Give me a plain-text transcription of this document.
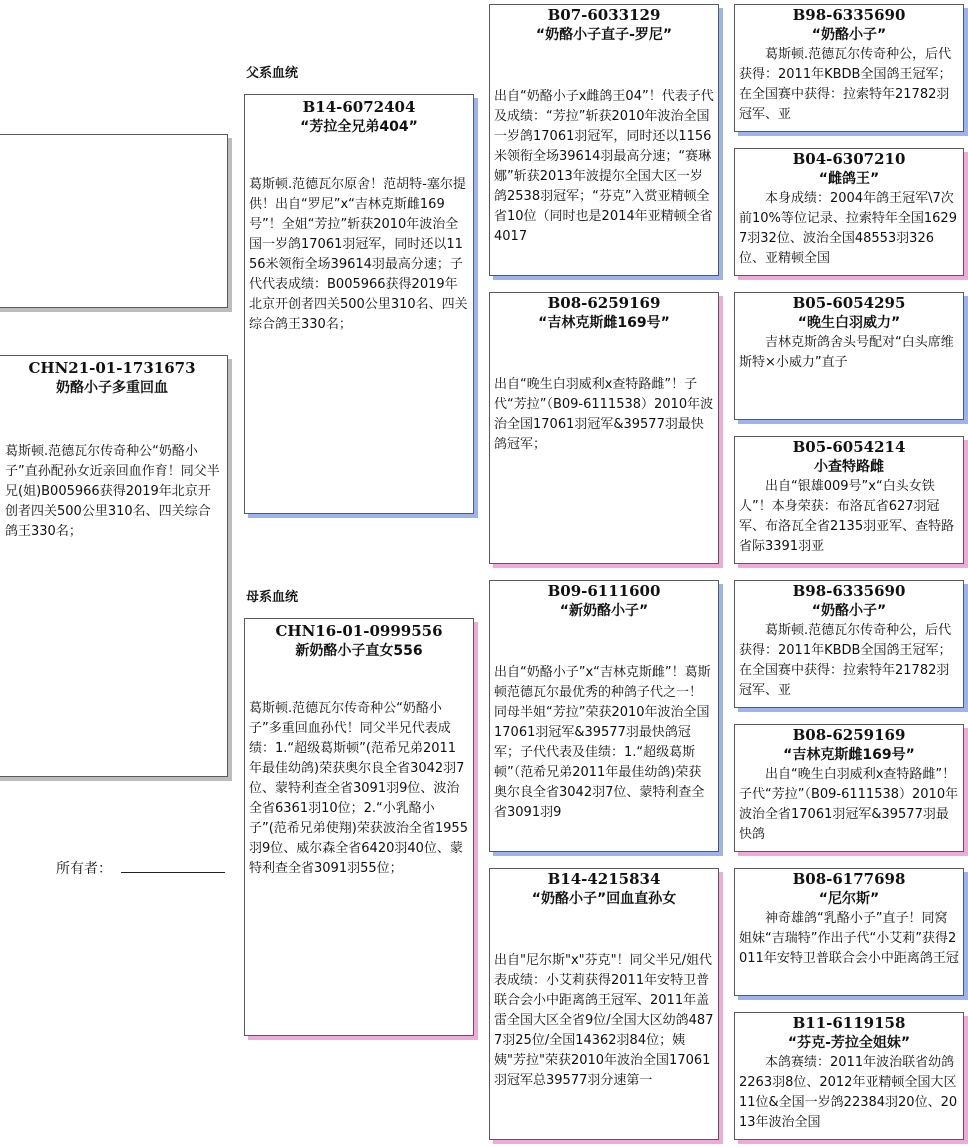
CHN21-01-1731673
奶酪小子多重回血
葛斯顿.范德瓦尔传奇种公“奶酪小子”直孙配孙女近亲回血作育！同父半兄(姐)B005966获得2019年北京开创者四关500公里310名、四关综合鸽王330名；
所有者：
父系血统
母系血统
B14-6072404
“芳拉全兄弟404”
葛斯顿.范德瓦尔原舍！范胡特-塞尔提供！出自“罗尼”x“吉林克斯雌169号”！全姐“芳拉”斩获2010年波治全国一岁鸽17061羽冠军，同时还以1156米领衔全场39614羽最高分速；子代代表成绩：B005966获得2019年北京开创者四关500公里310名、四关综合鸽王330名；
CHN16-01-0999556
新奶酪小子直女556
葛斯顿.范德瓦尔传奇种公“奶酪小子”多重回血孙代！同父半兄代表成绩：1.“超级葛斯顿”(范希兄弟2011年最佳幼鸽)荣获奥尔良全省3042羽7位、蒙特利查全省3091羽9位、波治全省6361羽10位；2.“小乳酪小子”(范希兄弟使翔)荣获波治全省1955羽9位、威尔森全省6420羽40位、蒙特利查全省3091羽55位；
B07-6033129
“奶酪小子直子-罗尼”
出自“奶酪小子x雌鸽王04”！代表子代及成绩：“芳拉”斩获2010年波治全国一岁鸽17061羽冠军，同时还以1156米领衔全场39614羽最高分速；“赛琳娜”斩获2013年波提尔全国大区一岁鸽2538羽冠军；“芬克”入赏亚精顿全省10位（同时也是2014年亚精顿全省4017
B08-6259169
“吉林克斯雌169号”
出自“晚生白羽威利x查特路雌”！子代“芳拉”（B09-6111538）2010年波治全国17061羽冠军&39577羽最快鸽冠军；
B09-6111600
“新奶酪小子”
出自“奶酪小子”x“吉林克斯雌”！葛斯顿范德瓦尔最优秀的种鸽子代之一！同母半姐“芳拉”荣获2010年波治全国17061羽冠军&39577羽最快鸽冠军；子代代表及佳绩：1.“超级葛斯顿”（范希兄弟2011年最佳幼鸽)荣获奥尔良全省3042羽7位、蒙特利查全省3091羽9
B14-4215834
“奶酪小子”回血直孙女
出自"尼尔斯"x"芬克"！同父半兄/姐代表成绩：小艾莉获得2011年安特卫普联合会小中距离鸽王冠军、2011年盖雷全国大区全省9位/全国大区幼鸽4877羽25位/全国14362羽84位；姨姨"芳拉"荣获2010年波治全国17061羽冠军总39577羽分速第一
B98-6335690
“奶酪小子”
葛斯顿.范德瓦尔传奇种公，后代获得：2011年KBDB全国鸽王冠军；在全国赛中获得：拉索特年21782羽冠军、亚
B04-6307210
“雌鸽王”
本身成绩：2004年鸽王冠军\7次前10%等位记录、拉索特年全国16297羽32位、波治全国48553羽326位、亚精顿全国
B05-6054295
“晚生白羽威力”
吉林克斯鸽舍头号配对“白头席维斯特×小威力”直子
B05-6054214
小查特路雌
出自“银雄009号”x“白头女铁人”！本身荣获：布洛瓦省627羽冠军、布洛瓦全省2135羽亚军、查特路省际3391羽亚
B98-6335690
“奶酪小子”
葛斯顿.范德瓦尔传奇种公，后代获得：2011年KBDB全国鸽王冠军；在全国赛中获得：拉索特年21782羽冠军、亚
B08-6259169
“吉林克斯雌169号”
出自“晚生白羽威利x查特路雌”！子代“芳拉”（B09-6111538）2010年波治全省17061羽冠军&39577羽最快鸽
B08-6177698
“尼尔斯”
神奇雄鸽“乳酪小子”直子！同窝姐妹“吉瑞特”作出子代“小艾莉”获得2011年安特卫普联合会小中距离鸽王冠
B11-6119158
“芬克-芳拉全姐妹”
本鸽赛绩：2011年波治联省幼鸽2263羽8位、2012年亚精顿全国大区11位&全国一岁鸽22384羽20位、2013年波治全国
